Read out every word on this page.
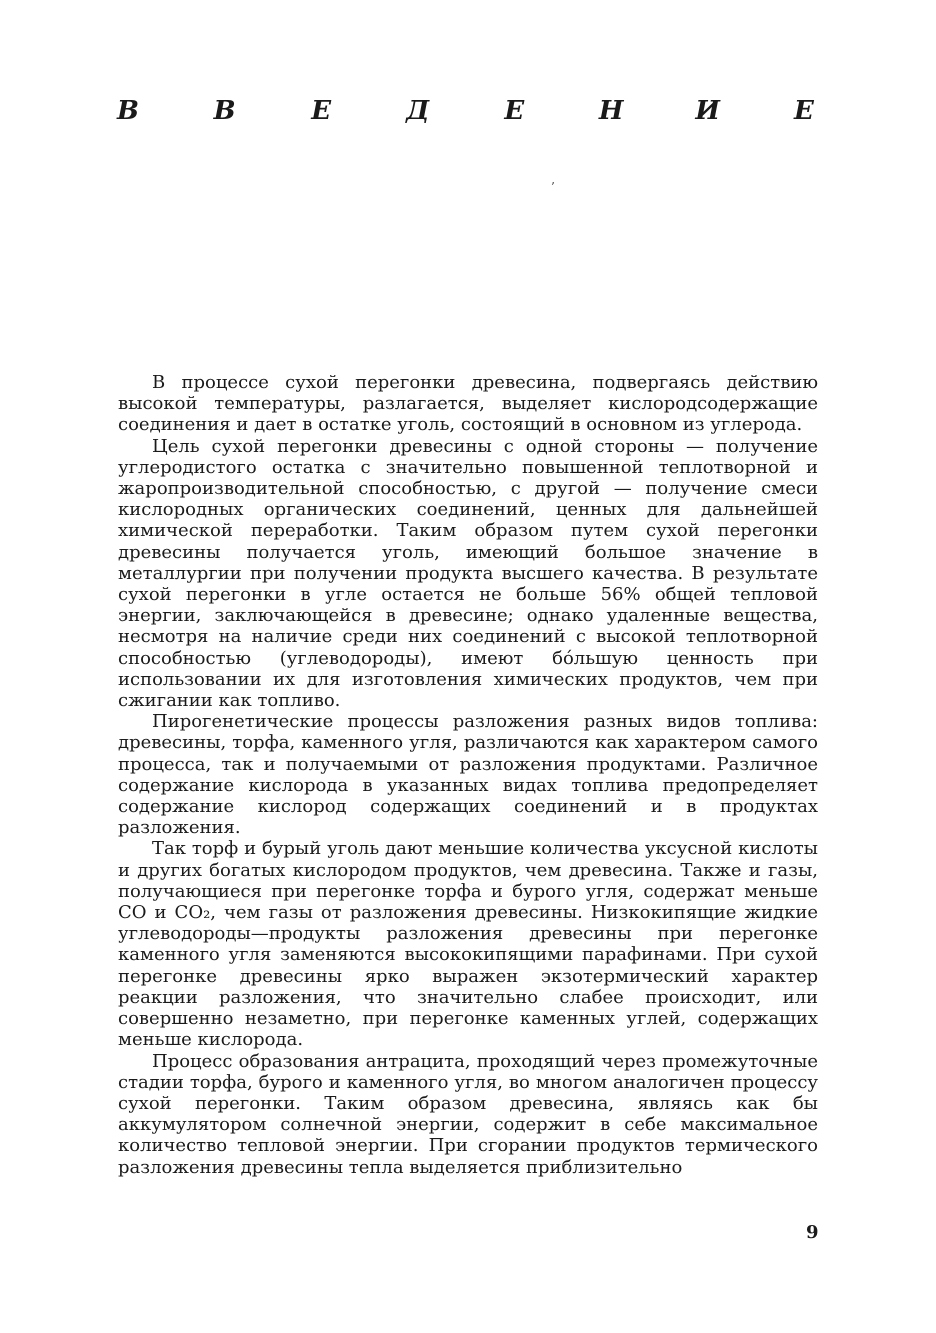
В	В	Е	Д	Е	Н	И	Е
’

В процессе сухой перегонки древесина, подвергаясь действию высокой температуры, разлагается, выделяет кислородсодержащие соединения и дает в остатке уголь, состоящий в основном из углерода.

Цель сухой перегонки древесины с одной стороны — получение углеродистого остатка с значительно повышенной теплотворной и жаропроизводительной способностью, с другой — получение смеси кислородных органических соединений, ценных для дальнейшей химической переработки. Таким образом путем сухой перегонки древесины получается уголь, имеющий большое значение в металлургии при получении продукта высшего качества. В результате сухой перегонки в угле остается не больше 56% общей тепловой энергии, заключающейся в древесине; однако удаленные вещества, несмотря на наличие среди них соединений с высокой теплотворной способностью (углеводороды), имеют бóльшую ценность при использовании их для изготовления химических продуктов, чем при сжигании как топливо.

Пирогенетические процессы разложения разных видов топлива: древесины, торфа, каменного угля, различаются как характером самого процесса, так и получаемыми от разложения продуктами. Различное содержание кислорода в указанных видах топлива предопределяет содержание кислород содержащих соединений и в продуктах разложения.

Так торф и бурый уголь дают меньшие количества уксусной кислоты и других богатых кислородом продуктов, чем древесина. Также и газы, получающиеся при перегонке торфа и бурого угля, содержат меньше CO и CO₂, чем газы от разложения древесины. Низкокипящие жидкие углеводороды—продукты разложения древесины при перегонке каменного угля заменяются высококипящими парафинами. При сухой перегонке древесины ярко выражен экзотермический характер реакции разложения, что значительно слабее происходит, или совершенно незаметно, при перегонке каменных углей, содержащих меньше кислорода.

Процесс образования антрацита, проходящий через промежуточные стадии торфа, бурого и каменного угля, во многом аналогичен процессу сухой перегонки. Таким образом древесина, являясь как бы аккумулятором солнечной энергии, содержит в себе максимальное количество тепловой энергии. При сгорании продуктов термического разложения древесины тепла выделяется приблизительно

9
